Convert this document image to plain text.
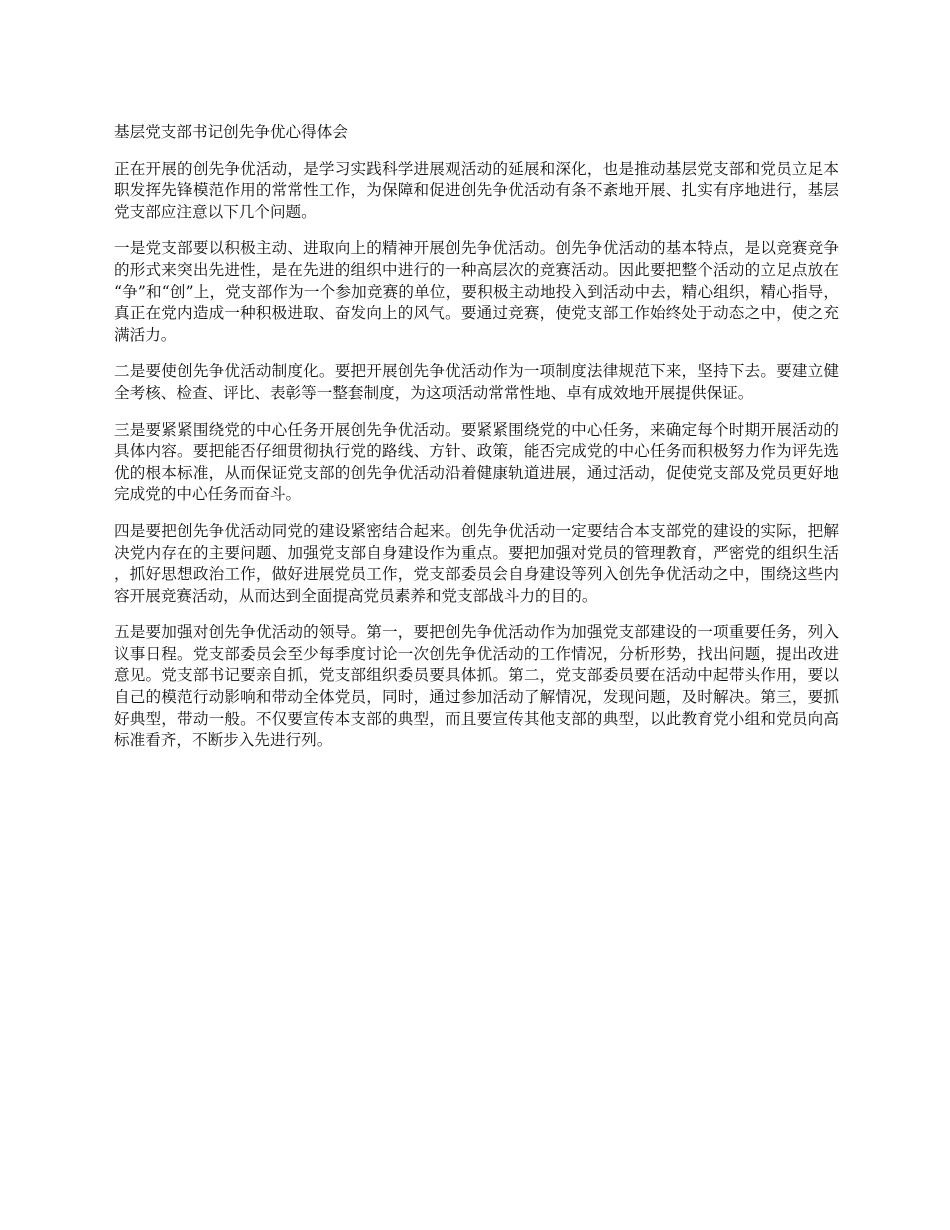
基层党支部书记创先争优心得体会

正在开展的创先争优活动，是学习实践科学进展观活动的延展和深化，也是推动基层党支部和党员立足本职发挥先锋模范作用的常常性工作，为保障和促进创先争优活动有条不紊地开展、扎实有序地进行，基层党支部应注意以下几个问题。

一是党支部要以积极主动、进取向上的精神开展创先争优活动。创先争优活动的基本特点，是以竞赛竞争的形式来突出先进性，是在先进的组织中进行的一种高层次的竞赛活动。因此要把整个活动的立足点放在“争”和“创”上，党支部作为一个参加竞赛的单位，要积极主动地投入到活动中去，精心组织，精心指导，真正在党内造成一种积极进取、奋发向上的风气。要通过竞赛，使党支部工作始终处于动态之中，使之充满活力。

二是要使创先争优活动制度化。要把开展创先争优活动作为一项制度法律规范下来，坚持下去。要建立健全考核、检查、评比、表彰等一整套制度，为这项活动常常性地、卓有成效地开展提供保证。

三是要紧紧围绕党的中心任务开展创先争优活动。要紧紧围绕党的中心任务，来确定每个时期开展活动的具体内容。要把能否仔细贯彻执行党的路线、方针、政策，能否完成党的中心任务而积极努力作为评先选优的根本标准，从而保证党支部的创先争优活动沿着健康轨道进展，通过活动，促使党支部及党员更好地完成党的中心任务而奋斗。

四是要把创先争优活动同党的建设紧密结合起来。创先争优活动一定要结合本支部党的建设的实际，把解决党内存在的主要问题、加强党支部自身建设作为重点。要把加强对党员的管理教育，严密党的组织生活，抓好思想政治工作，做好进展党员工作，党支部委员会自身建设等列入创先争优活动之中，围绕这些内容开展竞赛活动，从而达到全面提高党员素养和党支部战斗力的目的。

五是要加强对创先争优活动的领导。第一，要把创先争优活动作为加强党支部建设的一项重要任务，列入议事日程。党支部委员会至少每季度讨论一次创先争优活动的工作情况，分析形势，找出问题，提出改进意见。党支部书记要亲自抓，党支部组织委员要具体抓。第二，党支部委员要在活动中起带头作用，要以自己的模范行动影响和带动全体党员，同时，通过参加活动了解情况，发现问题，及时解决。第三，要抓好典型，带动一般。不仅要宣传本支部的典型，而且要宣传其他支部的典型，以此教育党小组和党员向高标准看齐，不断步入先进行列。
